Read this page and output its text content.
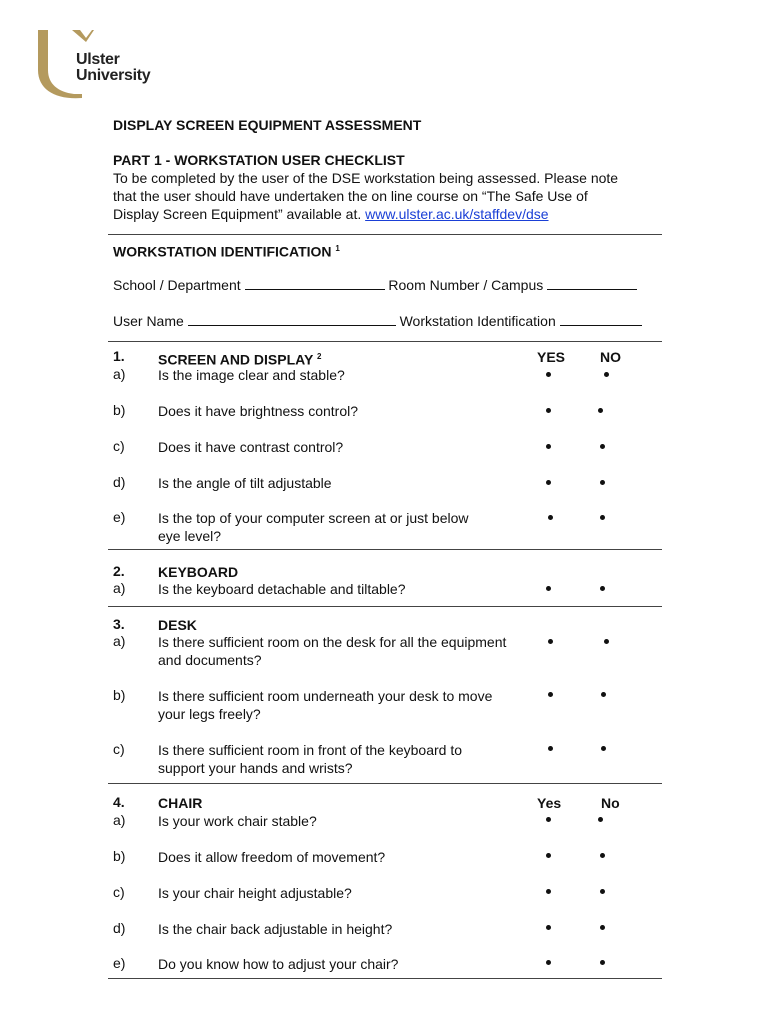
Ulster
University
DISPLAY SCREEN EQUIPMENT ASSESSMENT
PART 1 - WORKSTATION USER CHECKLIST
To be completed by the user of the DSE workstation being assessed. Please note
that the user should have undertaken the on line course on “The Safe Use of
Display Screen Equipment” available at. www.ulster.ac.uk/staffdev/dse
WORKSTATION IDENTIFICATION $^1$
School / Department	Room Number / Campus
User Name	Workstation Identification
1. SCREEN AND DISPLAY $^2$	YES NO
a) Is the image clear and stable?
b) Does it have brightness control?
c) Does it have contrast control?
d) Is the angle of tilt adjustable
e) Is the top of your computer screen at or just below
eye level?
2. KEYBOARD
a) Is the keyboard detachable and tiltable?
3. DESK
a) Is there sufficient room on the desk for all the equipment
and documents?
b) Is there sufficient room underneath your desk to move
your legs freely?
c) Is there sufficient room in front of the keyboard to
support your hands and wrists?
4. CHAIR	Yes	No
a) Is your work chair stable?
b) Does it allow freedom of movement?
c) Is your chair height adjustable?
d) Is the chair back adjustable in height?
e) Do you know how to adjust your chair?
